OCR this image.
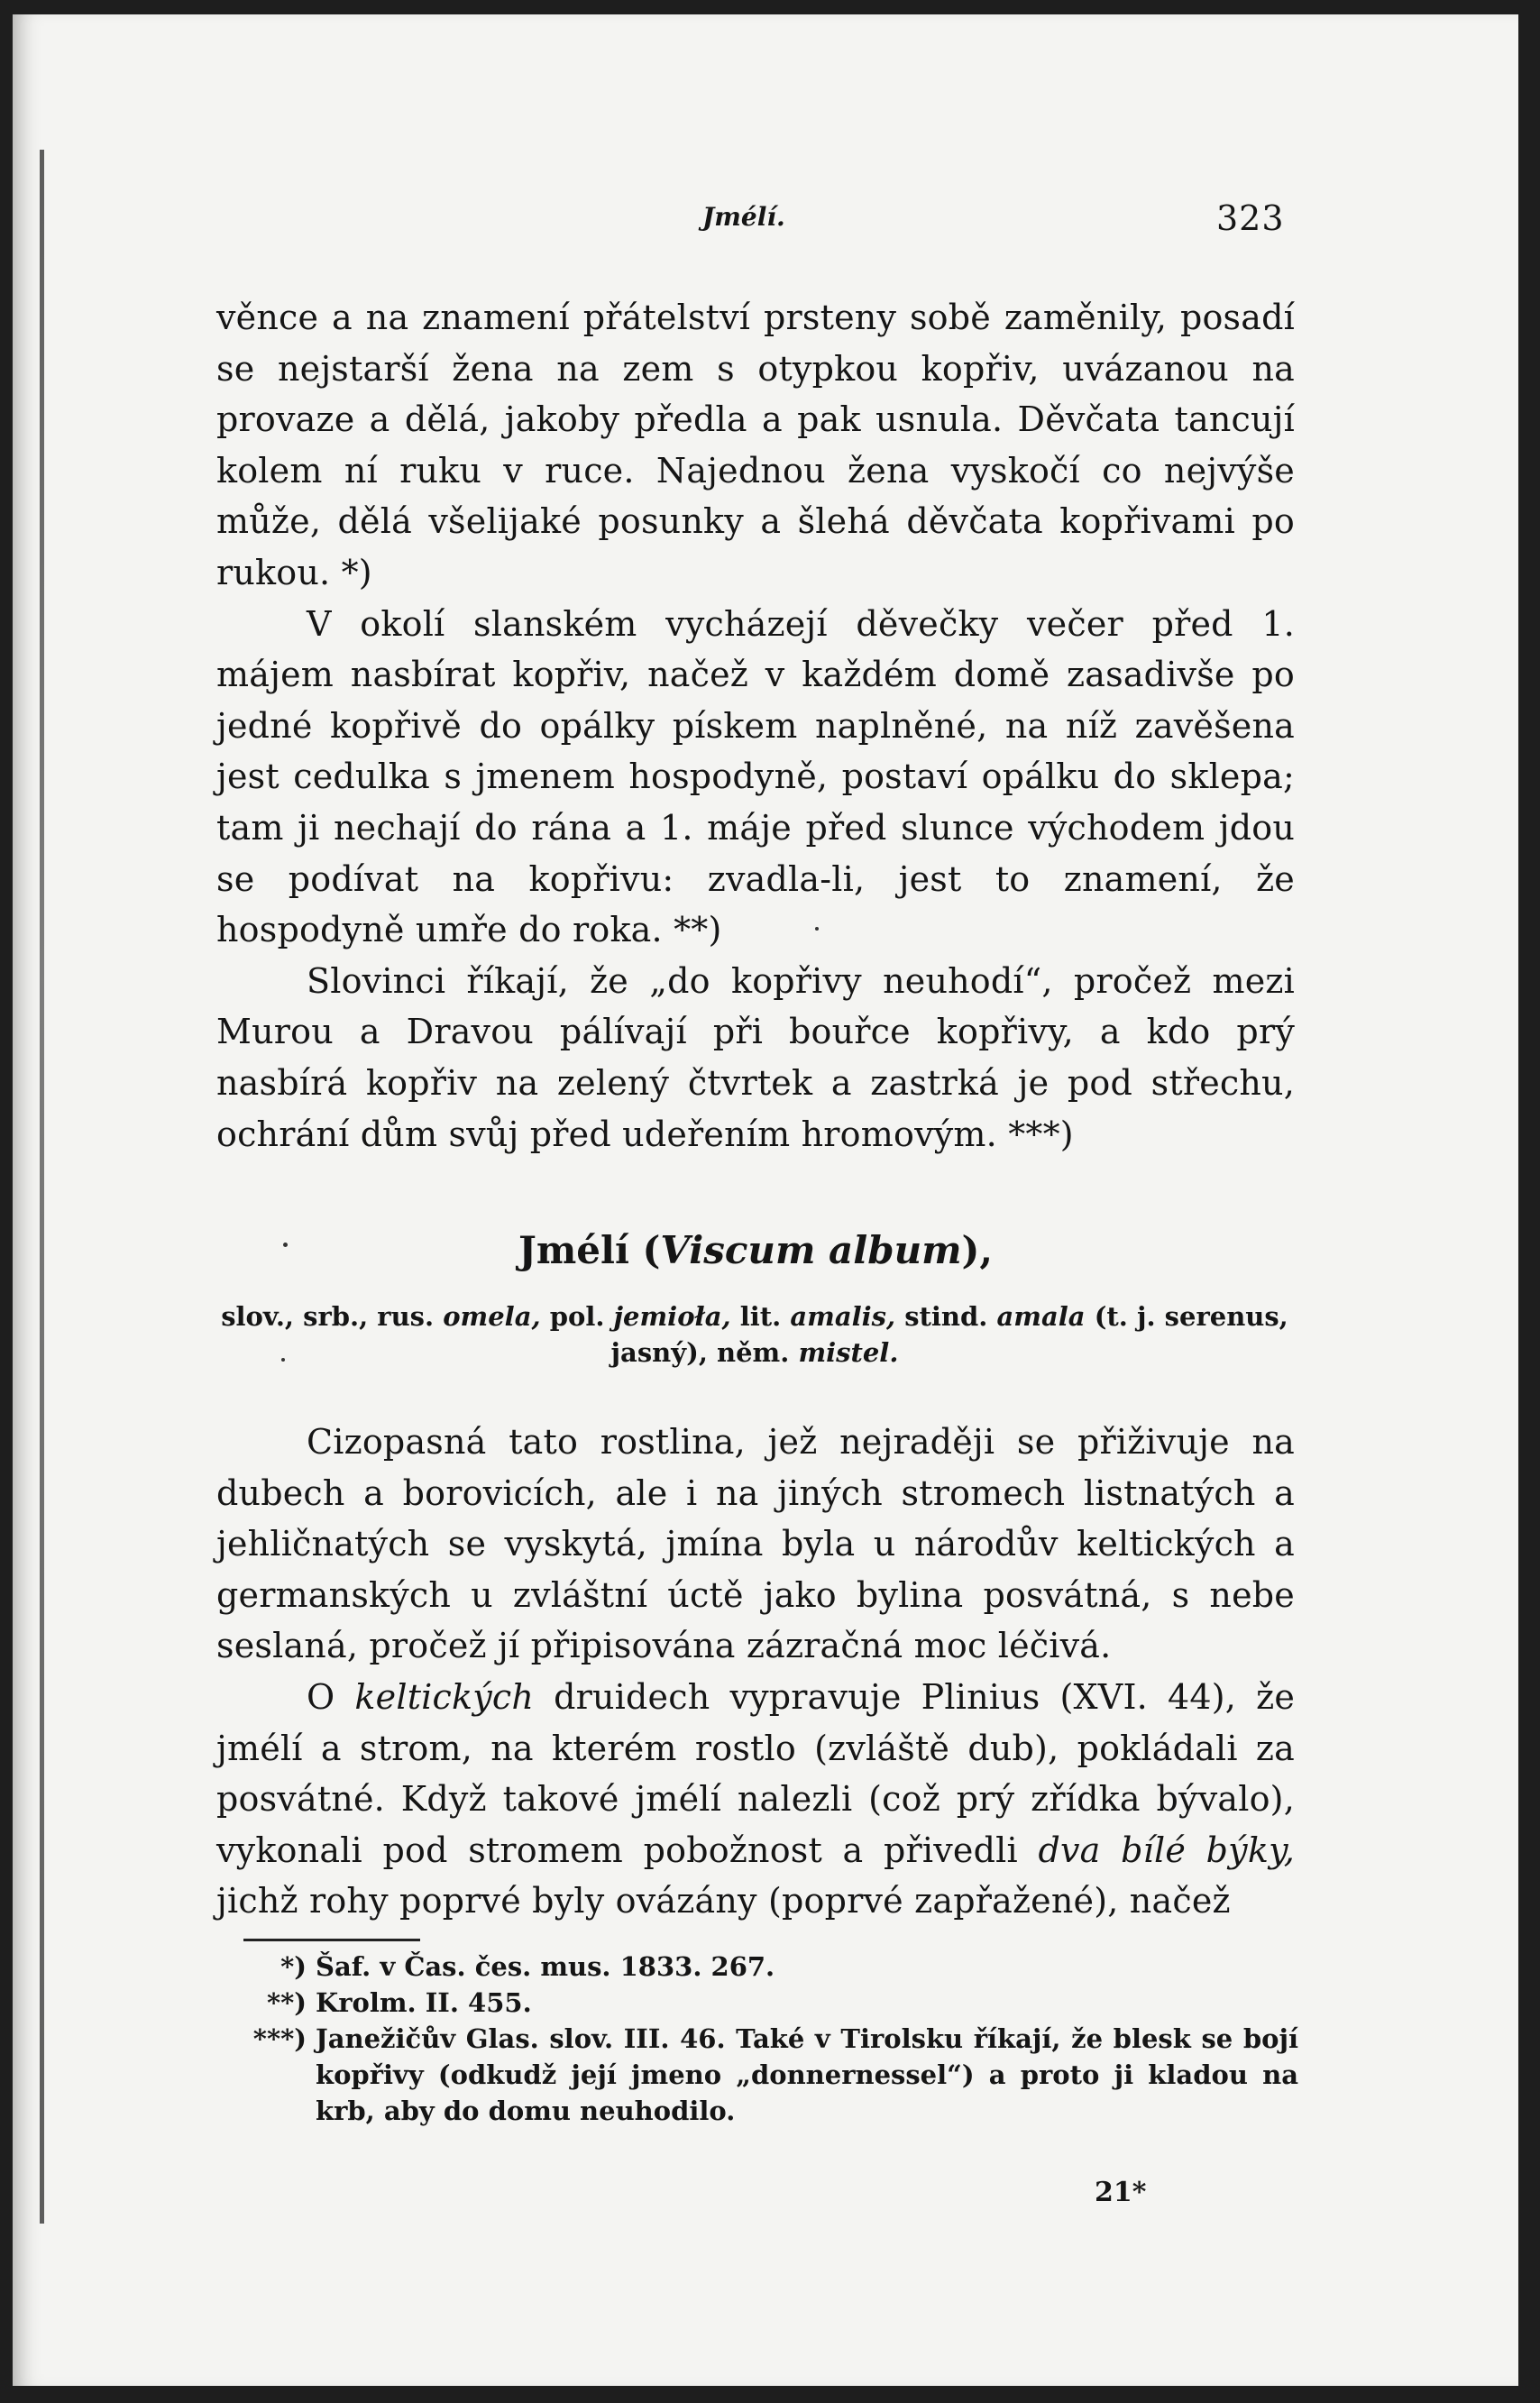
Jmélí.	323

věnce a na znamení přátelství prsteny sobě zaměnily, posadí se nejstarší žena na zem s otypkou kopřiv, uvázanou na provaze a dělá, jakoby předla a pak usnula. Děvčata tancují kolem ní ruku v ruce. Najednou žena vyskočí co nejvýše může, dělá všelijaké posunky a šlehá děvčata kopřivami po rukou. *)

V okolí slanském vycházejí děvečky večer před 1. májem nasbírat kopřiv, načež v každém domě zasadivše po jedné kopřivě do opálky pískem naplněné, na níž zavěšena jest cedulka s jmenem hospodyně, postaví opálku do sklepa; tam ji nechají do rána a 1. máje před slunce východem jdou se podívat na kopřivu: zvadla-li, jest to znamení, že hospodyně umře do roka. **)

Slovinci říkají, že „do kopřivy neuhodí“, pročež mezi Murou a Dravou pálívají při bouřce kopřivy, a kdo prý nasbírá kopřiv na zelený čtvrtek a zastrká je pod střechu, ochrání dům svůj před udeřením hromovým. ***)

Jmélí (Viscum album),
slov., srb., rus. omela, pol. jemioła, lit. amalis, stind. amala (t. j. serenus, jasný), něm. mistel.

Cizopasná tato rostlina, jež nejraději se přiživuje na dubech a borovicích, ale i na jiných stromech listnatých a jehličnatých se vyskytá, jmína byla u národův keltických a germanských u zvláštní úctě jako bylina posvátná, s nebe seslaná, pročež jí připisována zázračná moc léčivá.

O keltických druidech vypravuje Plinius (XVI. 44), že jmélí a strom, na kterém rostlo (zvláště dub), pokládali za posvátné. Když takové jmélí nalezli (což prý zřídka bývalo), vykonali pod stromem pobožnost a přivedli dva bílé býky, jichž rohy poprvé byly ovázány (poprvé zapřažené), načež

*) Šaf. v Čas. čes. mus. 1833. 267.
**) Krolm. II. 455.
***) Janežičův Glas. slov. III. 46. Také v Tirolsku říkají, že blesk se bojí kopřivy (odkudž její jmeno „donnernessel“) a proto ji kladou na krb, aby do domu neuhodilo.
21*
